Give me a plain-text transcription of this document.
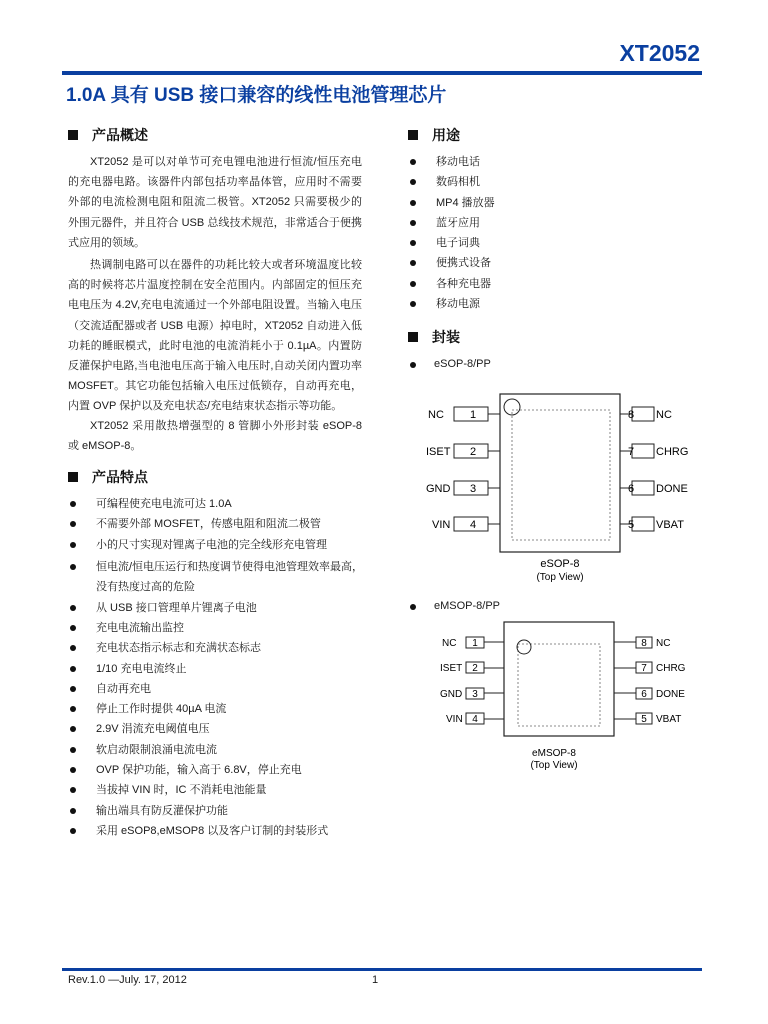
XT2052
1.0A 具有 USB 接口兼容的线性电池管理芯片
产品概述
XT2052 是可以对单节可充电锂电池进行恒流/恒压充电的充电器电路。该器件内部包括功率晶体管，应用时不需要外部的电流检测电阻和阻流二极管。XT2052 只需要极少的外围元器件，并且符合 USB 总线技术规范，非常适合于便携式应用的领域。
热调制电路可以在器件的功耗比较大或者环境温度比较高的时候将芯片温度控制在安全范围内。内部固定的恒压充电电压为 4.2V,充电电流通过一个外部电阻设置。当输入电压（交流适配器或者 USB 电源）掉电时，XT2052 自动进入低功耗的睡眠模式，此时电池的电流消耗小于 0.1µA。内置防反灌保护电路,当电池电压高于输入电压时,自动关闭内置功率 MOSFET。其它功能包括输入电压过低锁存，自动再充电，内置 OVP 保护以及充电状态/充电结束状态指示等功能。
XT2052 采用散热增强型的 8 管脚小外形封装 eSOP-8 或 eMSOP-8。
产品特点
可编程使充电电流可达 1.0A
不需要外部 MOSFET，传感电阻和阻流二极管
小的尺寸实现对锂离子电池的完全线形充电管理
恒电流/恒电压运行和热度调节使得电池管理效率最高，没有热度过高的危险
从 USB 接口管理单片锂离子电池
充电电流输出监控
充电状态指示标志和充满状态标志
1/10 充电电流终止
自动再充电
停止工作时提供 40µA 电流
2.9V 涓流充电阈值电压
软启动限制浪涌电流电流
OVP 保护功能，输入高于 6.8V，停止充电
当拔掉 VIN 时，IC 不消耗电池能量
输出端具有防反灌保护功能
采用 eSOP8,eMSOP8 以及客户订制的封装形式
用途
移动电话
数码相机
MP4 播放器
蓝牙应用
电子词典
便携式设备
各种充电器
移动电源
封装
eSOP-8/PP
1
2
3
4
NC
ISET
GND
VIN
8
7
6
5
NC
CHRG
DONE
VBAT
eSOP-8
(Top View)
eMSOP-8/PP
1
2
3
4
NC
ISET
GND
VIN
8
7
6
5
NC
CHRG
DONE
VBAT
eMSOP-8
(Top View)
Rev.1.0 —July. 17, 2012	1
